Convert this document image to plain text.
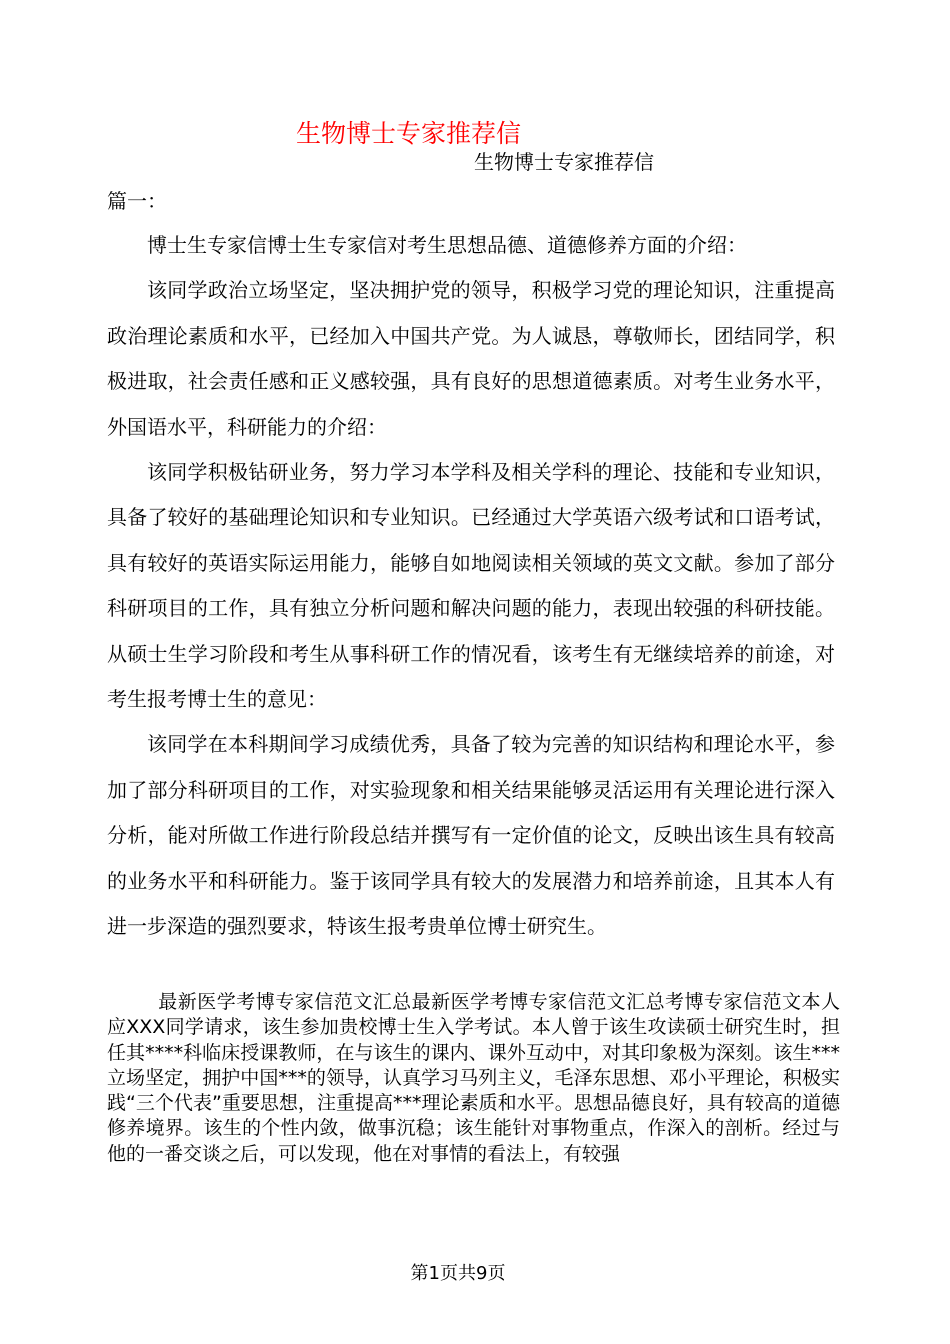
生物博士专家推荐信
生物博士专家推荐信
篇一：

博士生专家信博士生专家信对考生思想品德、道德修养方面的介绍：

该同学政治立场坚定，坚决拥护党的领导，积极学习党的理论知识，注重提高政治理论素质和水平，已经加入中国共产党。为人诚恳，尊敬师长，团结同学，积极进取，社会责任感和正义感较强，具有良好的思想道德素质。对考生业务水平，外国语水平，科研能力的介绍：

该同学积极钻研业务，努力学习本学科及相关学科的理论、技能和专业知识，具备了较好的基础理论知识和专业知识。已经通过大学英语六级考试和口语考试，具有较好的英语实际运用能力，能够自如地阅读相关领域的英文文献。参加了部分科研项目的工作，具有独立分析问题和解决问题的能力，表现出较强的科研技能。从硕士生学习阶段和考生从事科研工作的情况看，该考生有无继续培养的前途，对考生报考博士生的意见：

该同学在本科期间学习成绩优秀，具备了较为完善的知识结构和理论水平，参加了部分科研项目的工作，对实验现象和相关结果能够灵活运用有关理论进行深入分析，能对所做工作进行阶段总结并撰写有一定价值的论文，反映出该生具有较高的业务水平和科研能力。鉴于该同学具有较大的发展潜力和培养前途，且其本人有进一步深造的强烈要求，特该生报考贵单位博士研究生。

最新医学考博专家信范文汇总最新医学考博专家信范文汇总考博专家信范文本人应XXX同学请求，该生参加贵校博士生入学考试。本人曾于该生攻读硕士研究生时，担任其****科临床授课教师，在与该生的课内、课外互动中，对其印象极为深刻。该生***立场坚定，拥护中国***的领导，认真学习马列主义，毛泽东思想、邓小平理论，积极实践“三个代表”重要思想，注重提高***理论素质和水平。思想品德良好，具有较高的道德修养境界。该生的个性内敛，做事沉稳；该生能针对事物重点，作深入的剖析。经过与他的一番交谈之后，可以发现，他在对事情的看法上，有较强

第1页共9页
